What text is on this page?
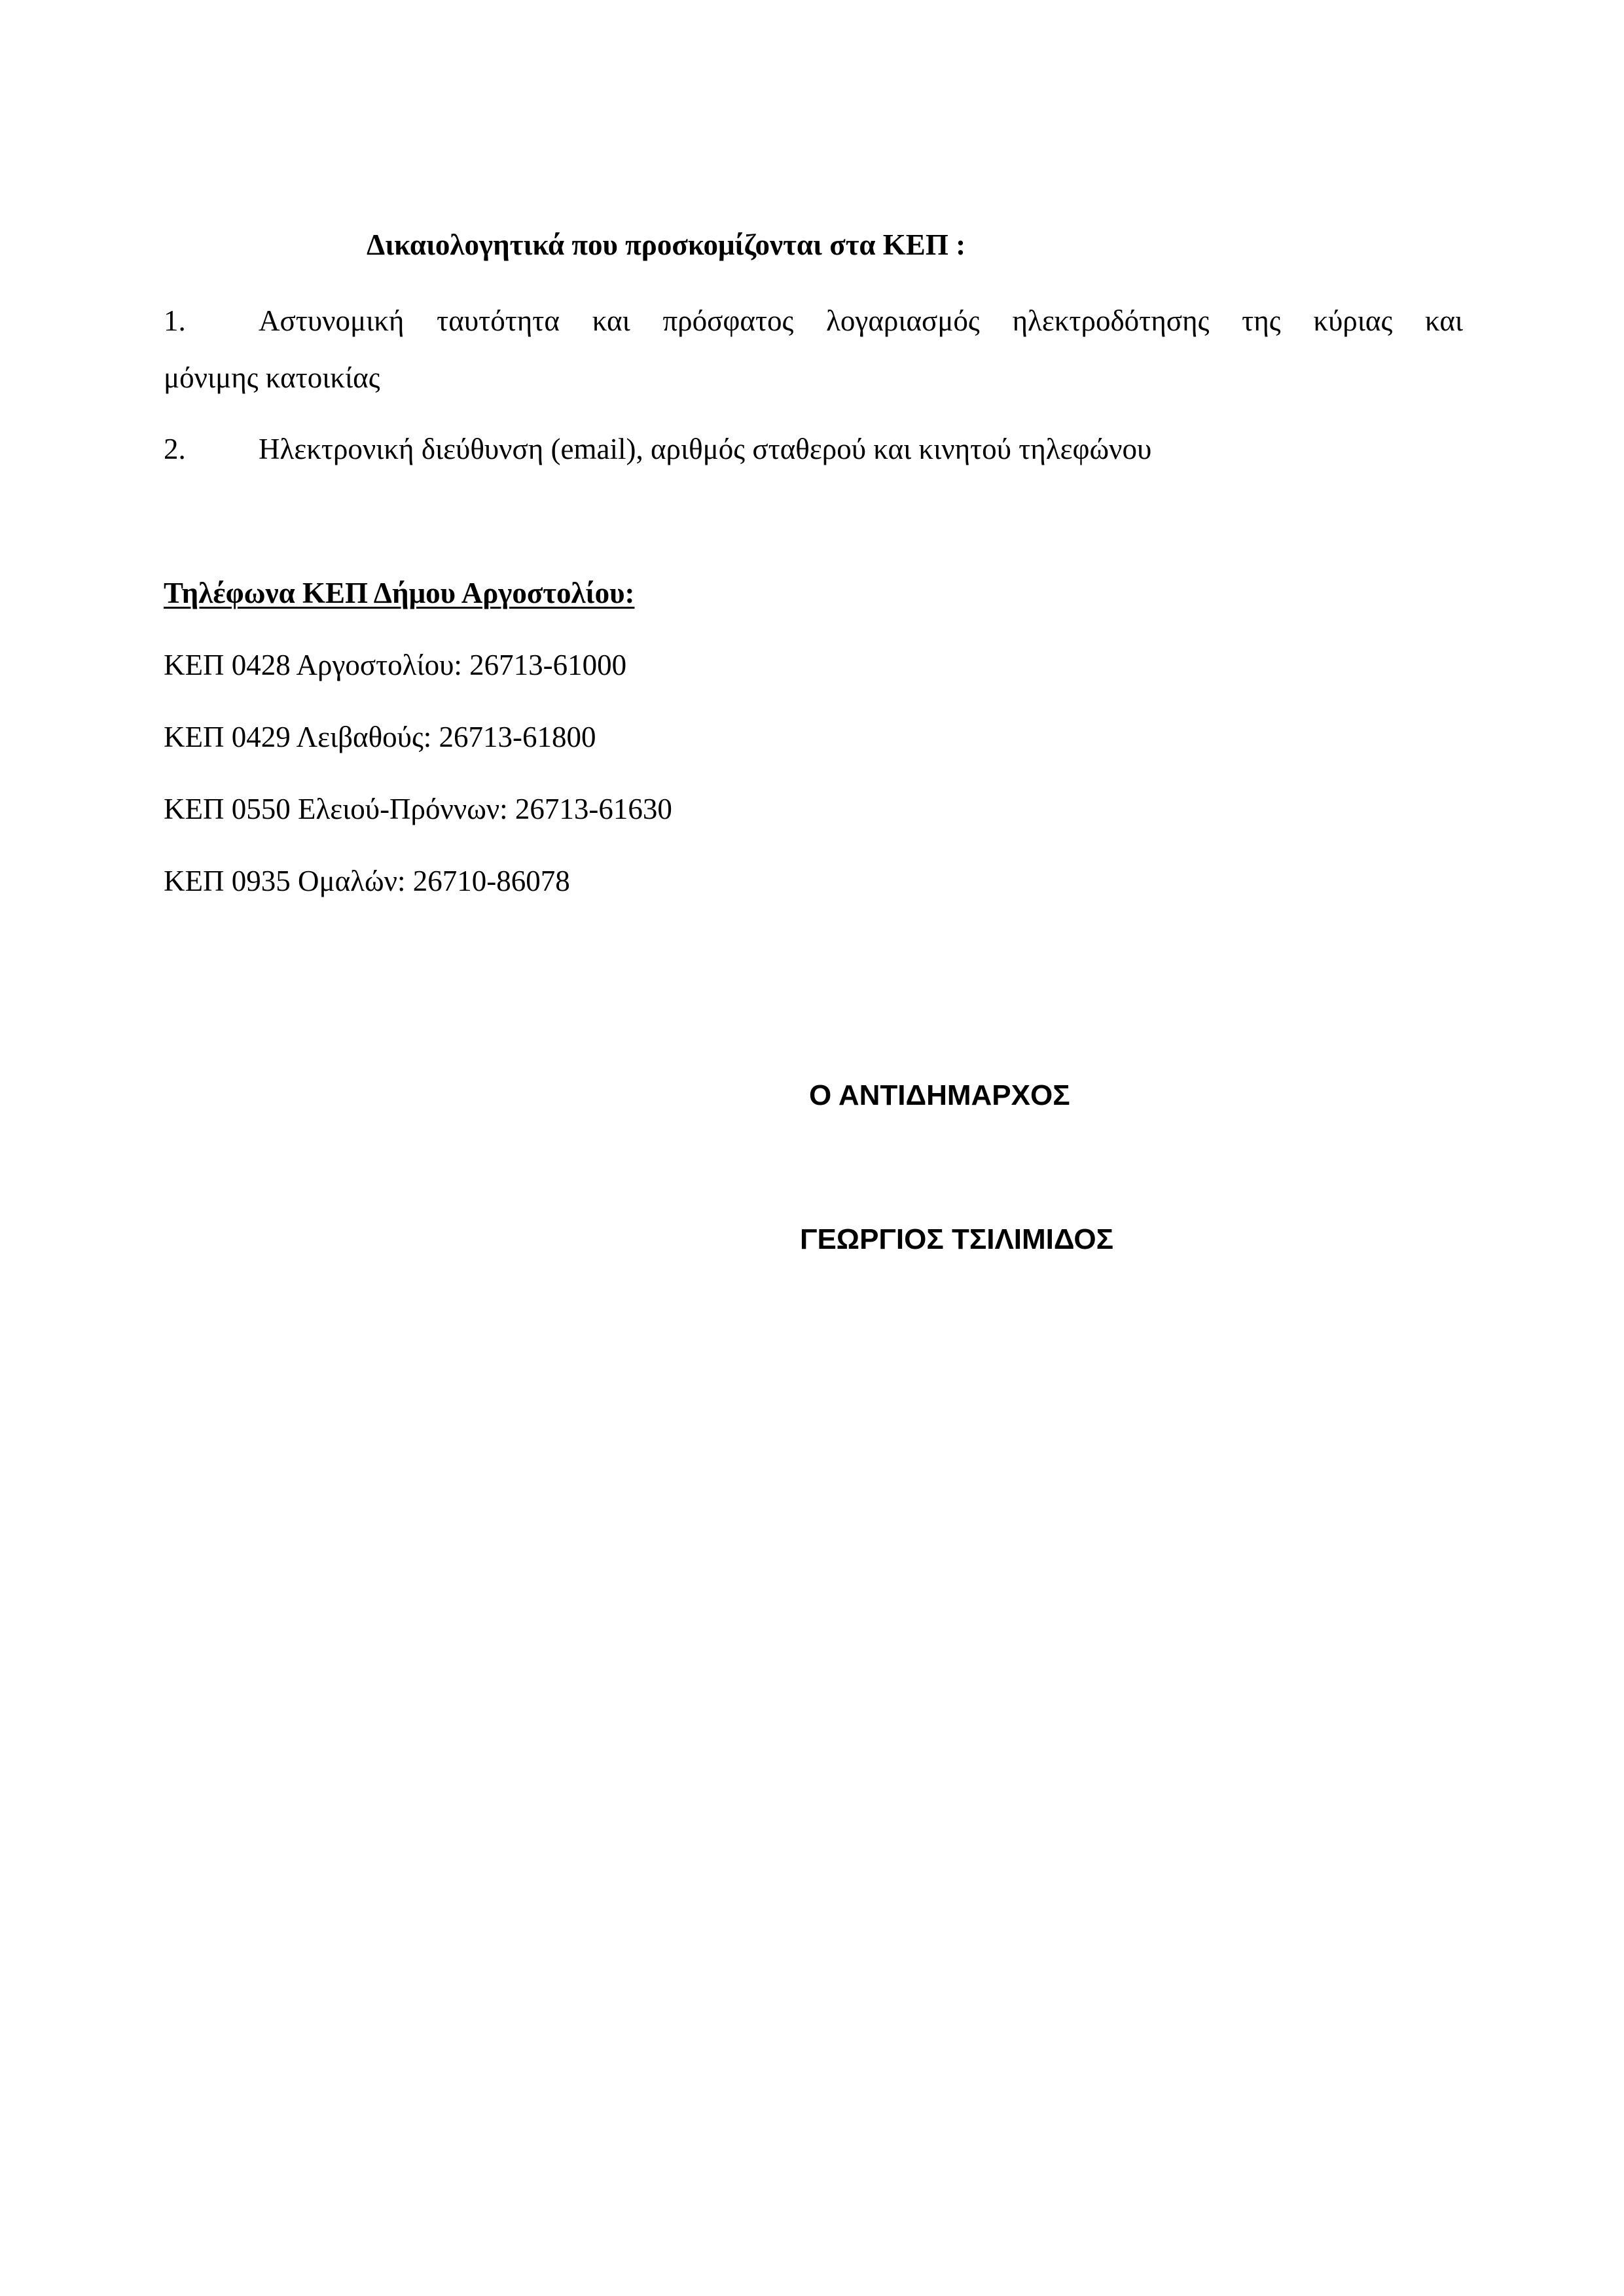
Δικαιολογητικά που προσκομίζονται στα ΚΕΠ :
1. Αστυνομική ταυτότητα και πρόσφατος λογαριασμός ηλεκτροδότησης της κύριας και
μόνιμης κατοικίας
2. Ηλεκτρονική διεύθυνση (email), αριθμός σταθερού και κινητού τηλεφώνου
Τηλέφωνα ΚΕΠ Δήμου Αργοστολίου:
ΚΕΠ 0428 Αργοστολίου: 26713-61000
ΚΕΠ 0429 Λειβαθούς: 26713-61800
ΚΕΠ 0550 Ελειού-Πρόννων: 26713-61630
ΚΕΠ 0935 Ομαλών: 26710-86078
Ο ΑΝΤΙΔΗΜΑΡΧΟΣ
ΓΕΩΡΓΙΟΣ ΤΣΙΛΙΜΙΔΟΣ
